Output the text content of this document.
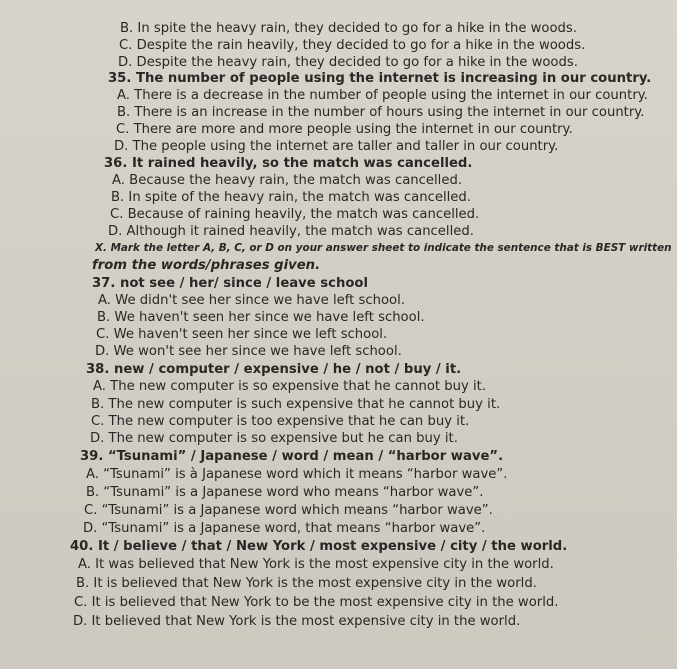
B. In spite the heavy rain, they decided to go for a hike in the woods.
C. Despite the rain heavily, they decided to go for a hike in the woods.
D. Despite the heavy rain, they decided to go for a hike in the woods.
35. The number of people using the internet is increasing in our country.
A. There is a decrease in the number of people using the internet in our country.
B. There is an increase in the number of hours using the internet in our country.
C. There are more and more people using the internet in our country.
D. The people using the internet are taller and taller in our country.
36. It rained heavily, so the match was cancelled.
A. Because the heavy rain, the match was cancelled.
B. In spite of the heavy rain, the match was cancelled.
C. Because of raining heavily, the match was cancelled.
D. Although it rained heavily, the match was cancelled.
X. Mark the letter A, B, C, or D on your answer sheet to indicate the sentence that is BEST written
from the words/phrases given.
37. not see / her/ since / leave school
A. We didn't see her since we have left school.
B. We haven't seen her since we have left school.
C. We haven't seen her since we left school.
D. We won't see her since we have left school.
38. new / computer / expensive / he / not / buy / it.
A. The new computer is so expensive that he cannot buy it.
B. The new computer is such expensive that he cannot buy it.
C. The new computer is too expensive that he can buy it.
D. The new computer is so expensive but he can buy it.
39. “Tsunami” / Japanese / word / mean / “harbor wave”.
A. “Tsunami” is à Japanese word which it means “harbor wave”.
B. “Tsunami” is a Japanese word who means “harbor wave”.
C. “Tsunami” is a Japanese word which means “harbor wave”.
D. “Tsunami” is a Japanese word, that means “harbor wave”.
40. It / believe / that / New York / most expensive / city / the world.
A. It was believed that New York is the most expensive city in the world.
B. It is believed that New York is the most expensive city in the world.
C. It is believed that New York to be the most expensive city in the world.
D. It believed that New York is the most expensive city in the world.
